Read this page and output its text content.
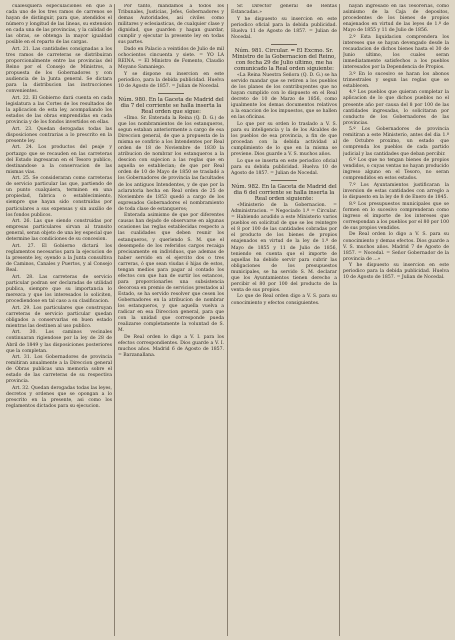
cualesquiera especulaciones en que a cada uno de los tres ramos de carrenos se hayan de distinguir, para que, atendidos el número y longitud de las lineas, su extension en cada una de las provincias, y la calidad de las obras, se obtenga la mayor igualdad posible en el reparto de las cargas.

Art. 21. Las cantidades consignadas a los tres ramos de carreteras se distribuiran proporcionalmente entre las provincias del Reino por el Consejo de Ministros, a propuesta de los Gobernadores y con audiencia de la Junta general. Se dictara para la distribucion las instrucciones convenientes.

Art. 22. El Gobierno dará cuenta en cada legislatura a las Cortes de los resultados de la aplicacion de esta ley, acompañando los estados de las obras emprendidas en cada provincia y de los fondos invertidos en ellas.

Art. 23. Quedan derogadas todas las disposiciones contrarias a lo prescrito en la presente ley.

Art. 24. Los productos del peaje y portazgo que se recauden en las carreteras del Estado ingresaran en el Tesoro publico, destinandose a la conservacion de las mismas vias.

Art. 25. Se consideraran como carreteras de servicio particular las que, partiendo de un punto cualquiera, terminen en una propiedad, fabrica o establecimiento, siempre que hayan sido construidas por particulares a sus expensas y sin auxilio de los fondos publicos.

Art. 26. Las que siendo construidas por empresas particulares sirvan al transito general, seran objeto de una ley especial que determine las condiciones de su concesion.

Art. 27. El Gobierno dictará los reglamentos necesarios para la ejecucion de la presente ley, oyendo a la Junta consultiva de Caminos, Canales y Puertos, y al Consejo Real.

Art. 28. Las carreteras de servicio particular podran ser declaradas de utilidad publica, siempre que su importancia lo merezca y que los interesados lo soliciten, procediendose en tal caso a su clasificacion.

Art. 29. Los particulares que construyan carreteras de servicio particular quedan obligados a conservarlas en buen estado mientras las destinen al uso publico.

Art. 30. Los caminos vecinales continuaran rigiendose por la ley de 28 de Abril de 1849 y las disposiciones posteriores que la completan.

Art. 31. Los Gobernadores de provincia remitiran anualmente a la Direccion general de Obras publicas una memoria sobre el estado de las carreteras de su respectiva provincia.

Art. 32. Quedan derogadas todas las leyes, decretos y ordenes que se opongan a lo prescrito en la presente, asi como los reglamentos dictados para su ejecucion.

Por tanto, mandamos a todos los Tribunales, Justicias, Jefes, Gobernadores y demas Autoridades, asi civiles como militares y eclesiasticas, de cualquier clase y dignidad, que guarden y hagan guardar, cumplir y ejecutar la presente ley en todas sus partes.

Dado en Palacio a veintidos de Julio de mil ochocientos cincuenta y siete. = YO LA REINA. = El Ministro de Fomento, Claudio Moyano Samaniego.

Y se dispone su insercion en este periodico, para la debida publicidad. Huelva 10 de Agosto de 1857. = Julian de Nocedal.

Núm. 980. En la Gaceta de Madrid del dia 7 del corriente se halla inserta la Real orden que sigue:

«Ilmo. Sr. Enterada la Reina (Q. D. G.) de que los nombramientos de los estanqueros, segun estaban anteriormente a cargo de esa Direccion general, de que a propuesta de la misma se confirio a los Intendentes por Real orden de 18 de Noviembre de 1830 la atribucion de nombrar los estanqueros a la descion con sujecion a las reglas que en aquella se establecian; de que por Real orden de 10 de Mayo de 1850 se trasladó a los Gobernadores de provincia las facultades de los antiguos Intendentes, y de que por la aclaratoria hecha en Real orden de 25 de Noviembre de 1853 quedó a cargo de los expresados Gobernadores el nombramiento de toda clase de estanqueros;

Enterada asimismo de que por diferentes causas han dejado de observarse en algunas ocasiones las reglas establecidas respecto a las cualidades que deben reunir los estanqueros, y queriendo S. M. que el desempeño de los referidos cargos recaiga precisamente en individuos, que ademas de haber servido en el ejercito dos o tres carreras, ó que sean viudas ó hijas de estos, tengan medios para pagar al contado los efectos con que han de surtir los estancos, para proporcionarles una subsistencia decorosa en premio de servicios prestados al Estado, se ha servido resolver que cesen los Gobernadores en la atribucion de nombrar los estanqueros, y que aquella vuelva a radicar en esa Direccion general, para que con la unidad que corresponde pueda realizarse completamente la voluntad de S. M.

De Real orden lo digo a V. I. para los efectos correspondientes. Dios guarde a V. I. muchos años. Madrid 6 de Agosto de 1857. = Barzanallana.

Sr. Director general de Rentas Estancadas.»

Y he dispuesto su insercion en este periodico oficial para la debida publicidad. Huelva 11 de Agosto de 1857. = Julian de Nocedal.

Núm. 981. Circular. = El Excmo. Sr. Ministro de la Gobernacion del Reino, con fecha 29 de Julio ultimo, me ha comunicado la Real orden siguiente:

«La Reina Nuestra Señora (Q. D. G.) se ha servido mandar que se retiren a los pueblos de los planes de los contribuyentes que no hayan cumplido con lo dispuesto en el Real decreto de 10 de Marzo de 1856, como igualmente los demas documentos relativos a la exaccion de los impuestos, que se hallen en las oficinas.

Lo que por su orden lo traslado a V. S. para su inteligencia y la de los Alcaldes de los pueblos de esa provincia, a fin de que procedan con la debida actividad al cumplimiento de lo que en la misma se previene. Dios guarde a V. S. muchos años.

Lo que se inserta en este periodico oficial para su debida publicidad. Huelva 10 de Agosto de 1857. = Julian de Nocedal.

Núm. 982. En la Gaceta de Madrid del dia 6 del corriente se halla inserta la Real orden siguiente:

«Ministerio de la Gobernacion. = Administracion. = Negociado 1.º = Circular. = Habiendo acudido a este Ministerio varios pueblos en solicitud de que se les reintegre el 8 por 100 de las cantidades cobradas por el producto de los bienes de propios enajenados en virtud de la ley de 1.º de Mayo de 1855 y 11 de Julio de 1856, teniendo en cuenta que el importe de aquellas ha debido servir para cubrir las obligaciones de los presupuestos municipales, se ha servido S. M. declarar que los Ayuntamientos tienen derecho a percibir el 80 por 100 del producto de la venta de sus propios.

Lo que de Real orden digo a V. S. para su conocimiento y efectos consiguientes.

hayan ingresado en las Tesorerias, como asimismo de la Caja de depositos, procedentes de los bienes de propios enajenados en virtud de las leyes de 1.º de Mayo de 1855 y 11 de Julio de 1856.

2.º Esta liquidacion comprendera los intereses que se hayan devengado desde la recaudacion de dichos bienes hasta el 30 de Junio ultimo, los cuales seran inmediatamente satisfechos a los pueblos interesados por la Dependencia de Propios.

3.º En lo sucesivo se haran los abonos trimestrales y segun las reglas que se establecen.

4.º Los pueblos que quieran completar la aplicacion de lo que dichos pueblos no el presente año por causa del 8 por 100 de las cantidades ingresadas, lo solicitaran por conducto de los Gobernadores de las provincias.

5.º Los Gobernadores de provincia remitiran a este Ministerio, antes del dia 1.º de Octubre proximo, un estado que comprenda los pueblos de cada partido judicial y las cantidades que deban percibir.

6.º Los que no tengan bienes de propios vendidos, o cuyas ventas no hayan producido ingreso alguno en el Tesoro, no seran comprendidos en estos estados.

7.º Los Ayuntamientos justificaran la inversion de estas cantidades con arreglo a lo dispuesto en la ley de 8 de Enero de 1845.

8.º Los presupuestos municipales que se formen en lo sucesivo comprenderan como ingreso el importe de los intereses que correspondan a los pueblos por el 80 por 100 de sus propios vendidos.

De Real orden lo digo a V. S. para su conocimiento y demas efectos. Dios guarde a V. S. muchos años. Madrid 7 de Agosto de 1857. = Nocedal. = Señor Gobernador de la provincia de ...»

Y he dispuesto su insercion en este periodico para la debida publicidad. Huelva 10 de Agosto de 1857. = Julian de Nocedal.
